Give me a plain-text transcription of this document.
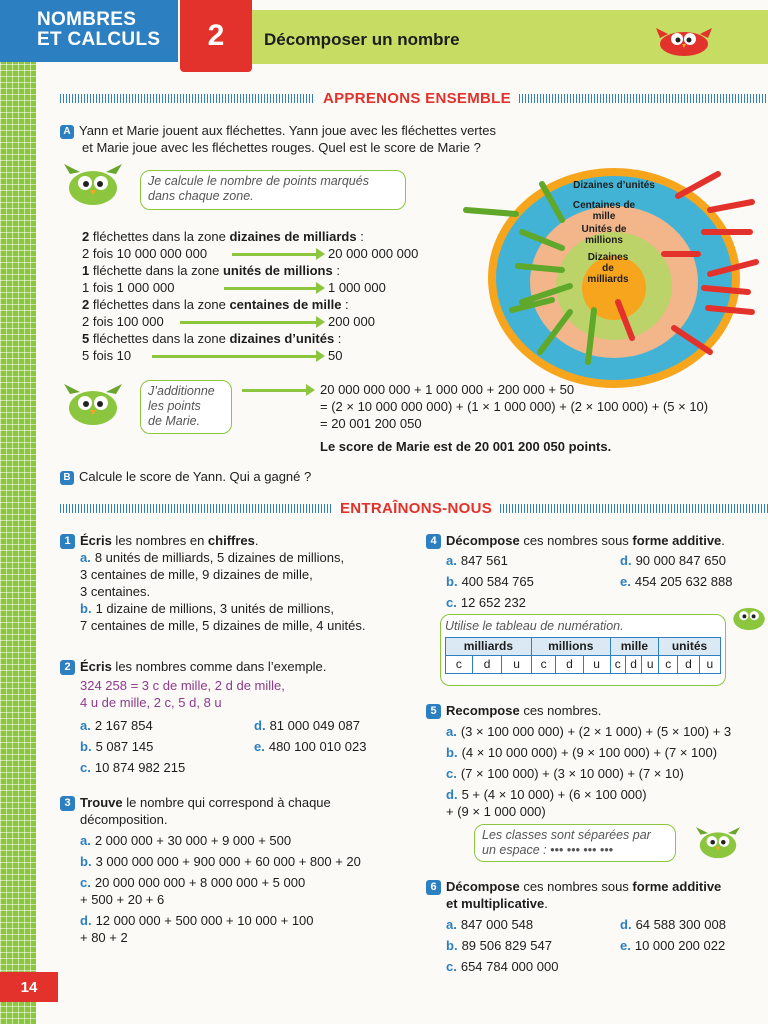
NOMBRES
ET CALCULS	2	Décomposer un nombre
APPRENONS ENSEMBLE
A Yann et Marie jouent aux fléchettes. Yann joue avec les fléchettes vertes
et Marie joue avec les fléchettes rouges. Quel est le score de Marie ?
Je calcule le nombre de points marqués
dans chaque zone.
2 fléchettes dans la zone dizaines de milliards :
2 fois 10 000 000 000	20 000 000 000
1 fléchette dans la zone unités de millions :
1 fois 1 000 000	1 000 000
2 fléchettes dans la zone centaines de mille :
2 fois 100 000	200 000
5 fléchettes dans la zone dizaines d’unités :
5 fois 10	50
Dizaines d’unités
Centaines de
mille
Unités de
millions
Dizaines
de
milliards
J’additionne
les points
de Marie.
20 000 000 000 + 1 000 000 + 200 000 + 50
= (2 × 10 000 000 000) + (1 × 1 000 000) + (2 × 100 000) + (5 × 10)
= 20 001 200 050
Le score de Marie est de 20 001 200 050 points.
B Calcule le score de Yann. Qui a gagné ?
ENTRAÎNONS-NOUS
1 Écris les nombres en chiffres.
a. 8 unités de milliards, 5 dizaines de millions,
3 centaines de mille, 9 dizaines de mille,
3 centaines.
b. 1 dizaine de millions, 3 unités de millions,
7 centaines de mille, 5 dizaines de mille, 4 unités.
2 Écris les nombres comme dans l’exemple.
324 258 = 3 c de mille, 2 d de mille,
4 u de mille, 2 c, 5 d, 8 u
a. 2 167 854
b. 5 087 145
c. 10 874 982 215
d. 81 000 049 087
e. 480 100 010 023
3 Trouve le nombre qui correspond à chaque
décomposition.
a. 2 000 000 + 30 000 + 9 000 + 500
b. 3 000 000 000 + 900 000 + 60 000 + 800 + 20
c. 20 000 000 000 + 8 000 000 + 5 000
+ 500 + 20 + 6
d. 12 000 000 + 500 000 + 10 000 + 100
+ 80 + 2
4 Décompose ces nombres sous forme additive.
a. 847 561
b. 400 584 765
c. 12 652 232
d. 90 000 847 650
e. 454 205 632 888
Utilise le tableau de numération.
milliards			millions			mille			unités		
c	d	u	c	d	u	c	d	u	c	d	u
5 Recompose ces nombres.
a. (3 × 100 000 000) + (2 × 1 000) + (5 × 100) + 3
b. (4 × 10 000 000) + (9 × 100 000) + (7 × 100)
c. (7 × 100 000) + (3 × 10 000) + (7 × 10)
d. 5 + (4 × 10 000) + (6 × 100 000)
+ (9 × 1 000 000)
Les classes sont séparées par
un espace : ••• ••• ••• •••
6 Décompose ces nombres sous forme additive
et multiplicative.
a. 847 000 548
b. 89 506 829 547
c. 654 784 000 000
d. 64 588 300 008
e. 10 000 200 022
14
